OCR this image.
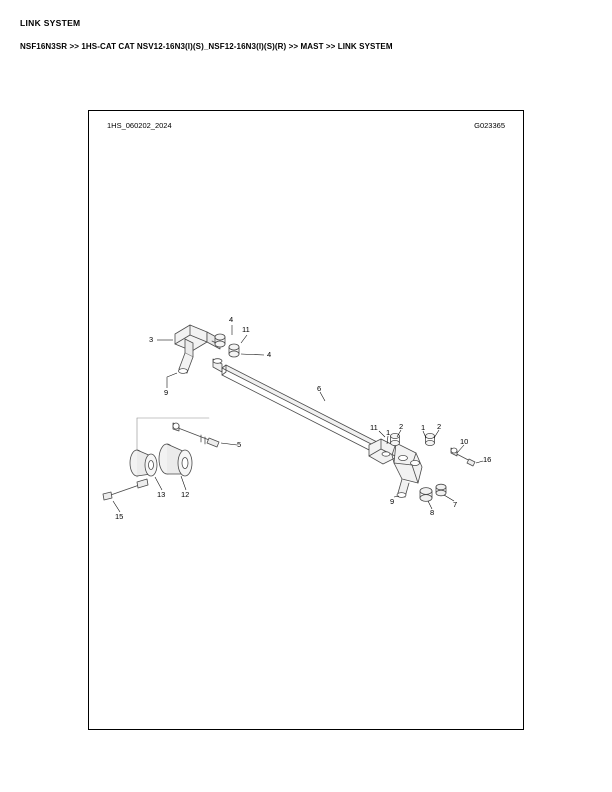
LINK SYSTEM
NSF16N3SR >> 1HS-CAT CAT NSV12-16N3(I)(S)_NSF12-16N3(I)(S)(R) >> MAST >> LINK SYSTEM
1HS_060202_2024	G023365
3
4
11
4
9	6
11
1
2 1 2
10
16
5
9
8
7
13 12
15
